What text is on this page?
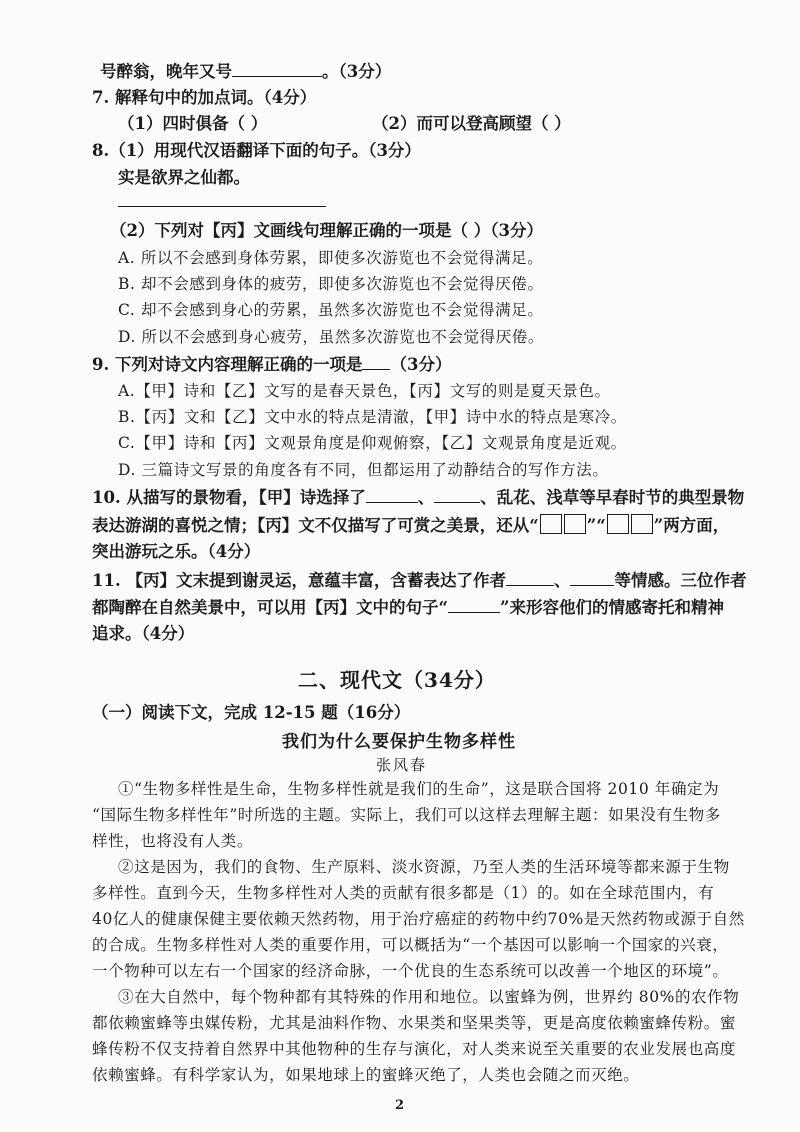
号醉翁，晚年又号	。（3分）
7. 解释句中的加点词。（4分）
（1）四时俱备（ ）	（2）而可以登高顾望（ ）
8.（1）用现代汉语翻译下面的句子。（3分）
实是欲界之仙都。
（2）下列对【丙】文画线句理解正确的一项是（ ）（3分）
A. 所以不会感到身体劳累，即使多次游览也不会觉得满足。
B. 却不会感到身体的疲劳，即使多次游览也不会觉得厌倦。
C. 却不会感到身心的劳累，虽然多次游览也不会觉得满足。
D. 所以不会感到身心疲劳，虽然多次游览也不会觉得厌倦。
9. 下列对诗文内容理解正确的一项是 （3分）
A.【甲】诗和【乙】文写的是春天景色，【丙】文写的则是夏天景色。
B.【丙】文和【乙】文中水的特点是清澈，【甲】诗中水的特点是寒冷。
C.【甲】诗和【丙】文观景角度是仰观俯察，【乙】文观景角度是近观。
D. 三篇诗文写景的角度各有不同，但都运用了动静结合的写作方法。
10. 从描写的景物看，【甲】诗选择了	、	、乱花、浅草等早春时节的典型景物
表达游湖的喜悦之情；【丙】文不仅描写了可赏之美景，还从“	”“	”两方面，
突出游玩之乐。（4分）
11. 【丙】文末提到谢灵运，意蕴丰富，含蓄表达了作者	、	等情感。三位作者
都陶醉在自然美景中，可以用【丙】文中的句子“	”来形容他们的情感寄托和精神
追求。（4分）
二、现代文（34分）
（一）阅读下文，完成 12-15 题（16分）
我们为什么要保护生物多样性
张风春
①“生物多样性是生命，生物多样性就是我们的生命”，这是联合国将 2010 年确定为
“国际生物多样性年”时所选的主题。实际上，我们可以这样去理解主题：如果没有生物多
样性，也将没有人类。
②这是因为，我们的食物、生产原料、淡水资源，乃至人类的生活环境等都来源于生物
多样性。直到今天，生物多样性对人类的贡献有很多都是（1）的。如在全球范围内，有
40亿人的健康保健主要依赖天然药物，用于治疗癌症的药物中约70%是天然药物或源于自然
的合成。生物多样性对人类的重要作用，可以概括为“一个基因可以影响一个国家的兴衰，
一个物种可以左右一个国家的经济命脉，一个优良的生态系统可以改善一个地区的环境”。
③在大自然中，每个物种都有其特殊的作用和地位。以蜜蜂为例，世界约 80%的农作物
都依赖蜜蜂等虫媒传粉，尤其是油料作物、水果类和坚果类等，更是高度依赖蜜蜂传粉。蜜
蜂传粉不仅支持着自然界中其他物种的生存与演化，对人类来说至关重要的农业发展也高度
依赖蜜蜂。有科学家认为，如果地球上的蜜蜂灭绝了，人类也会随之而灭绝。
2
